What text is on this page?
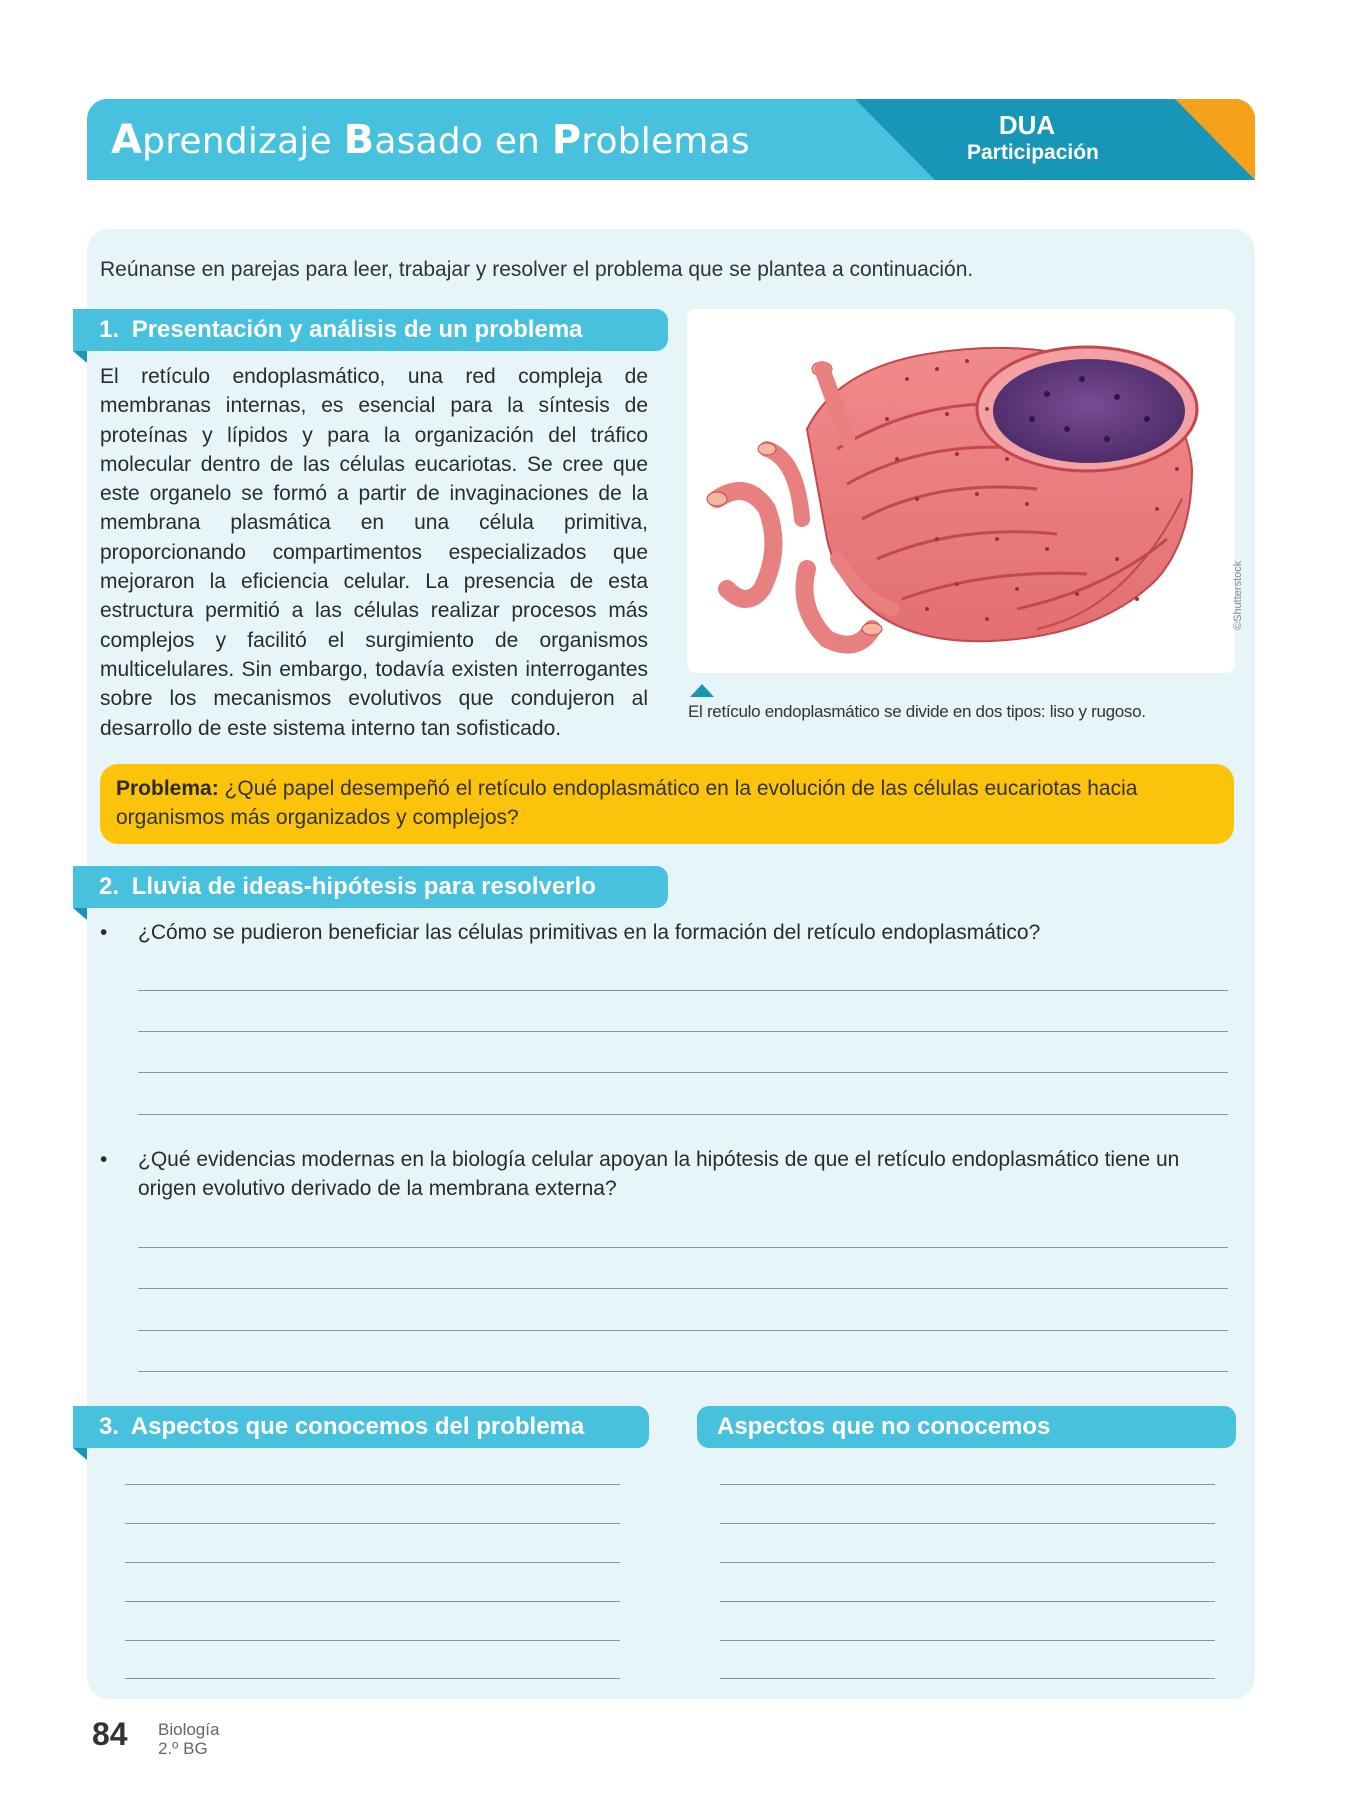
Aprendizaje Basado en Problemas	DUA
Participación
Reúnanse en parejas para leer, trabajar y resolver el problema que se plantea a continuación.
1. Presentación y análisis de un problema
El retículo endoplasmático, una red compleja de membranas internas, es esencial para la síntesis de proteínas y lípidos y para la organización del tráfico molecular dentro de las células eucariotas. Se cree que este organelo se formó a partir de invaginaciones de la membrana plasmática en una célula primitiva, proporcionando compartimentos especializados que mejoraron la eficiencia celular. La presencia de esta estructura permitió a las células realizar procesos más complejos y facilitó el surgimiento de organismos multicelulares. Sin embargo, todavía existen interrogantes sobre los mecanismos evolutivos que condujeron al desarrollo de este sistema interno tan sofisticado.
©Shutterstock
El retículo endoplasmático se divide en dos tipos: liso y rugoso.
Problema: ¿Qué papel desempeñó el retículo endoplasmático en la evolución de las células eucariotas hacia organismos más organizados y complejos?
2. Lluvia de ideas-hipótesis para resolverlo
• ¿Cómo se pudieron beneficiar las células primitivas en la formación del retículo endoplasmático?
• ¿Qué evidencias modernas en la biología celular apoyan la hipótesis de que el retículo endoplasmático tiene un origen evolutivo derivado de la membrana externa?
3. Aspectos que conocemos del problema	Aspectos que no conocemos
84 Biología
2.º BG
